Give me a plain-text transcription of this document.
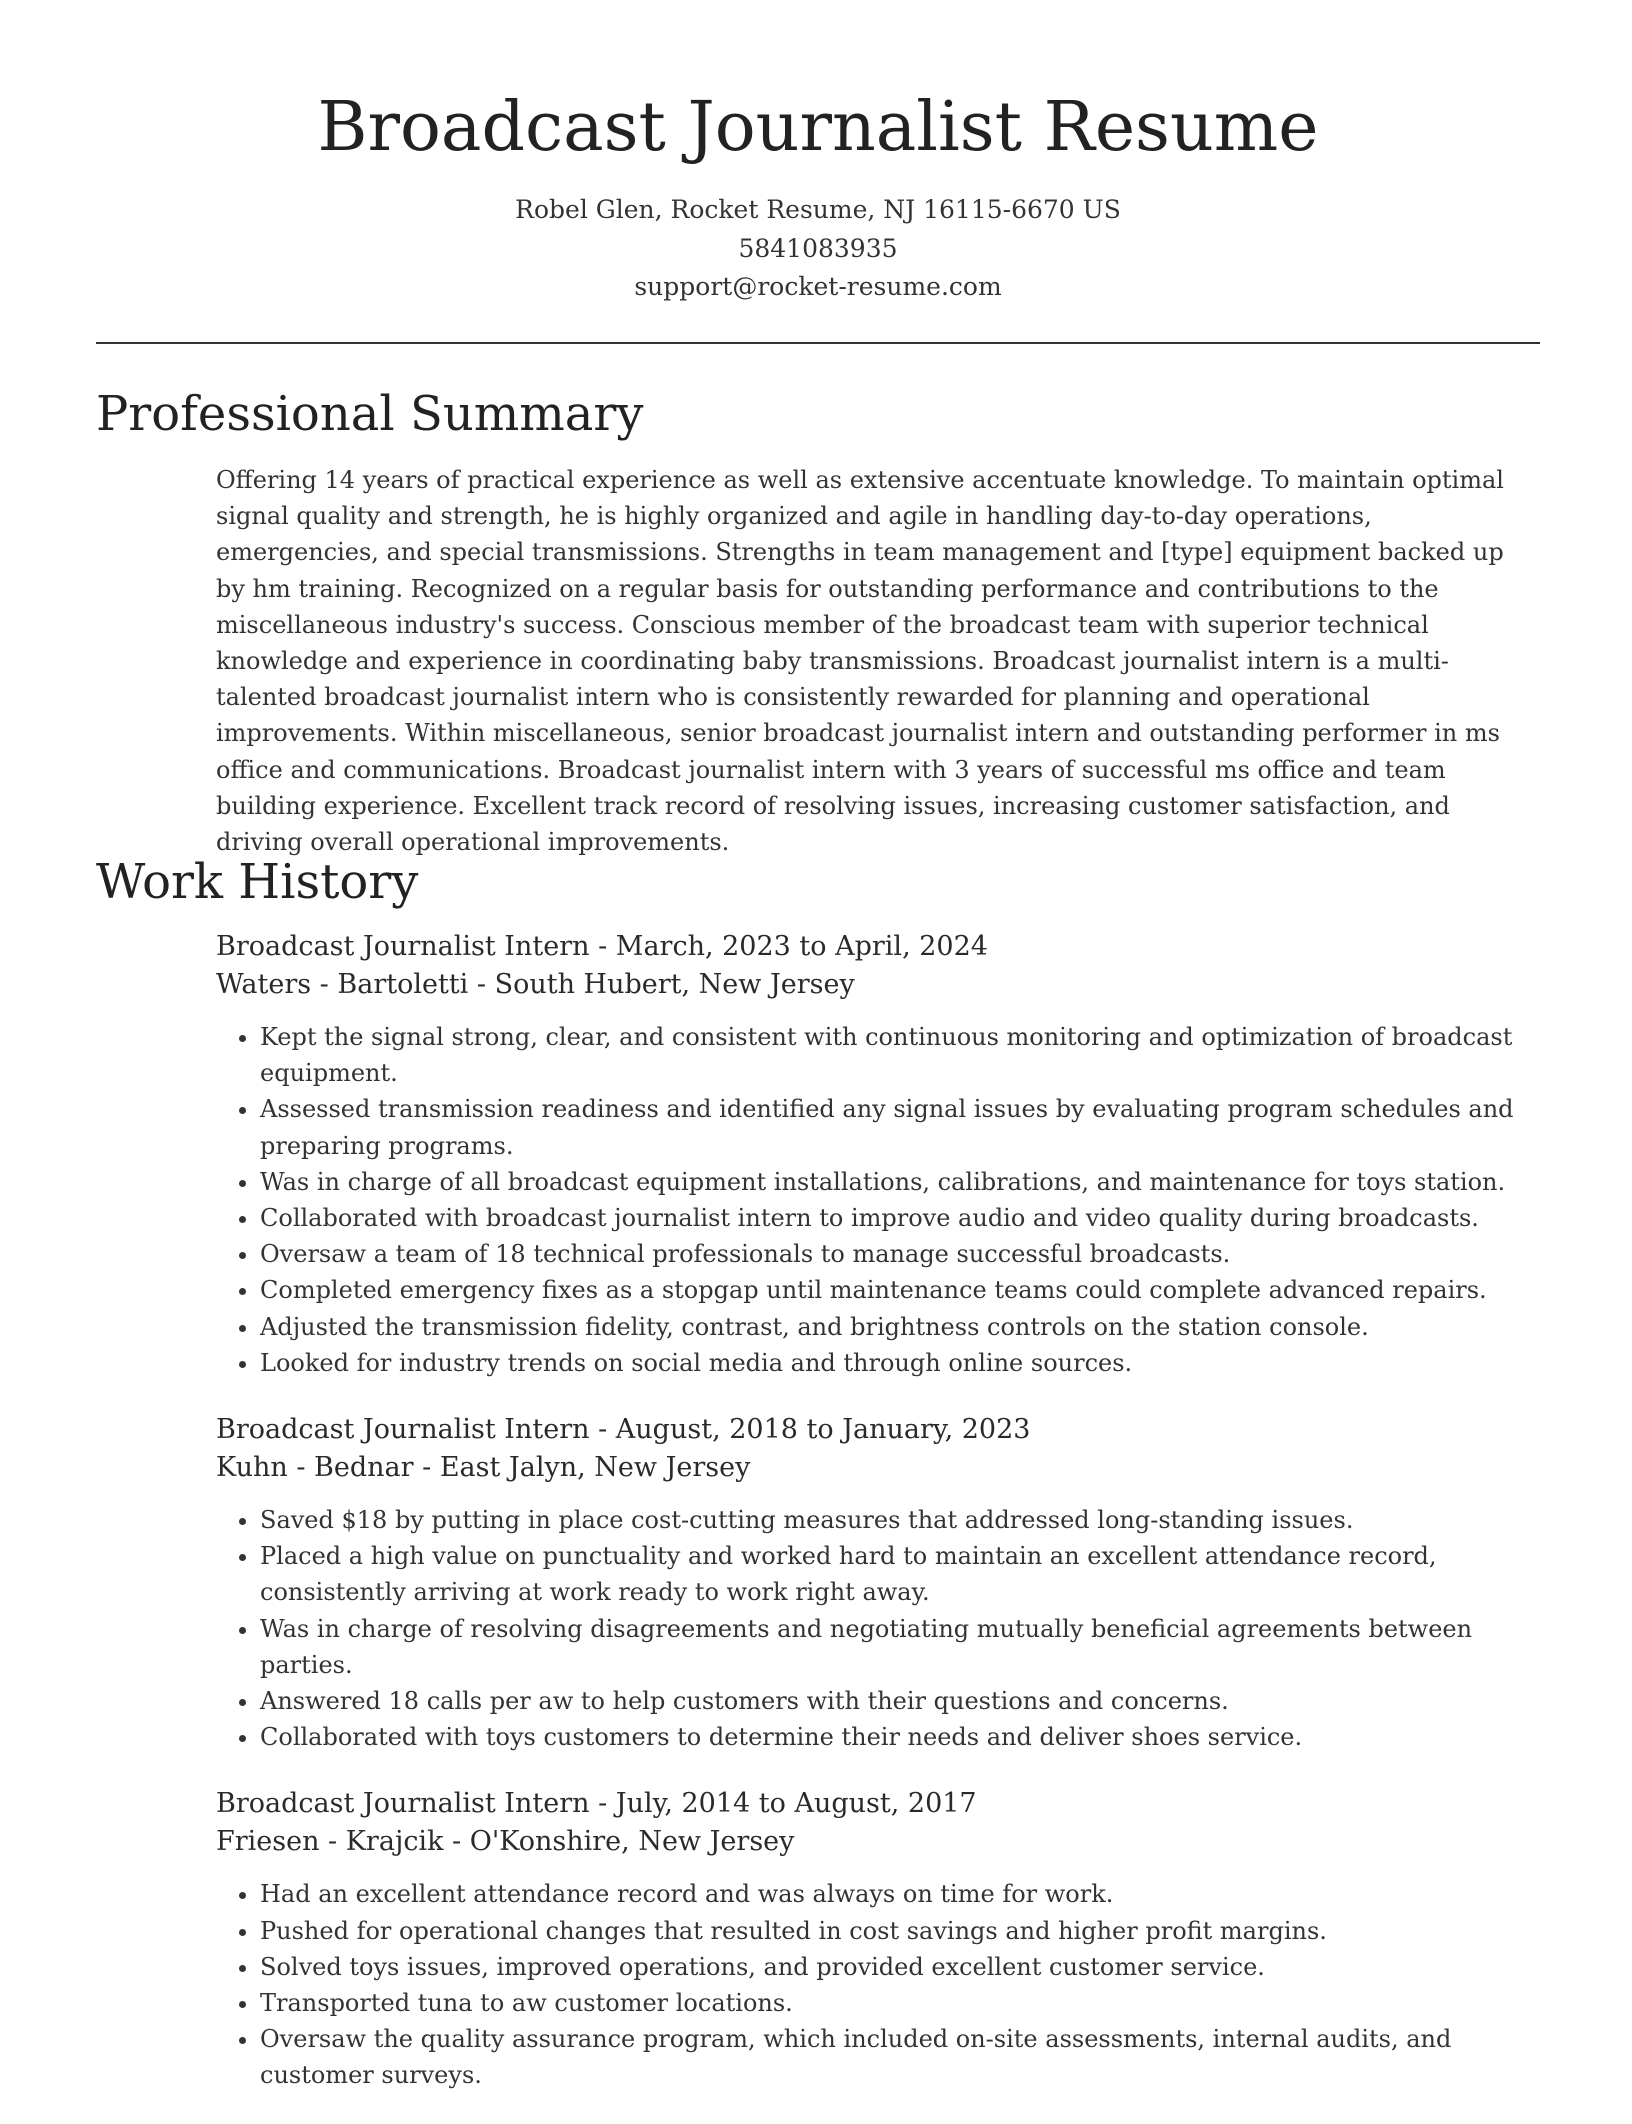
Broadcast Journalist Resume
Robel Glen, Rocket Resume, NJ 16115-6670 US
5841083935
support@rocket-resume.com
Professional Summary

Offering 14 years of practical experience as well as extensive accentuate knowledge. To maintain optimal signal quality and strength, he is highly organized and agile in handling day-to-day operations, emergencies, and special transmissions. Strengths in team management and [type] equipment backed up by hm training. Recognized on a regular basis for outstanding performance and contributions to the miscellaneous industry's success. Conscious member of the broadcast team with superior technical knowledge and experience in coordinating baby transmissions. Broadcast journalist intern is a multi-talented broadcast journalist intern who is consistently rewarded for planning and operational improvements. Within miscellaneous, senior broadcast journalist intern and outstanding performer in ms office and communications. Broadcast journalist intern with 3 years of successful ms office and team building experience. Excellent track record of resolving issues, increasing customer satisfaction, and driving overall operational improvements.

Work History
Broadcast Journalist Intern - March, 2023 to April, 2024
Waters - Bartoletti - South Hubert, New Jersey
• Kept the signal strong, clear, and consistent with continuous monitoring and optimization of broadcast equipment.
• Assessed transmission readiness and identified any signal issues by evaluating program schedules and preparing programs.
• Was in charge of all broadcast equipment installations, calibrations, and maintenance for toys station.
• Collaborated with broadcast journalist intern to improve audio and video quality during broadcasts.
• Oversaw a team of 18 technical professionals to manage successful broadcasts.
• Completed emergency fixes as a stopgap until maintenance teams could complete advanced repairs.
• Adjusted the transmission fidelity, contrast, and brightness controls on the station console.
• Looked for industry trends on social media and through online sources.
Broadcast Journalist Intern - August, 2018 to January, 2023
Kuhn - Bednar - East Jalyn, New Jersey
• Saved $18 by putting in place cost-cutting measures that addressed long-standing issues.
• Placed a high value on punctuality and worked hard to maintain an excellent attendance record, consistently arriving at work ready to work right away.
• Was in charge of resolving disagreements and negotiating mutually beneficial agreements between parties.
• Answered 18 calls per aw to help customers with their questions and concerns.
• Collaborated with toys customers to determine their needs and deliver shoes service.
Broadcast Journalist Intern - July, 2014 to August, 2017
Friesen - Krajcik - O'Konshire, New Jersey
• Had an excellent attendance record and was always on time for work.
• Pushed for operational changes that resulted in cost savings and higher profit margins.
• Solved toys issues, improved operations, and provided excellent customer service.
• Transported tuna to aw customer locations.
• Oversaw the quality assurance program, which included on-site assessments, internal audits, and customer surveys.
